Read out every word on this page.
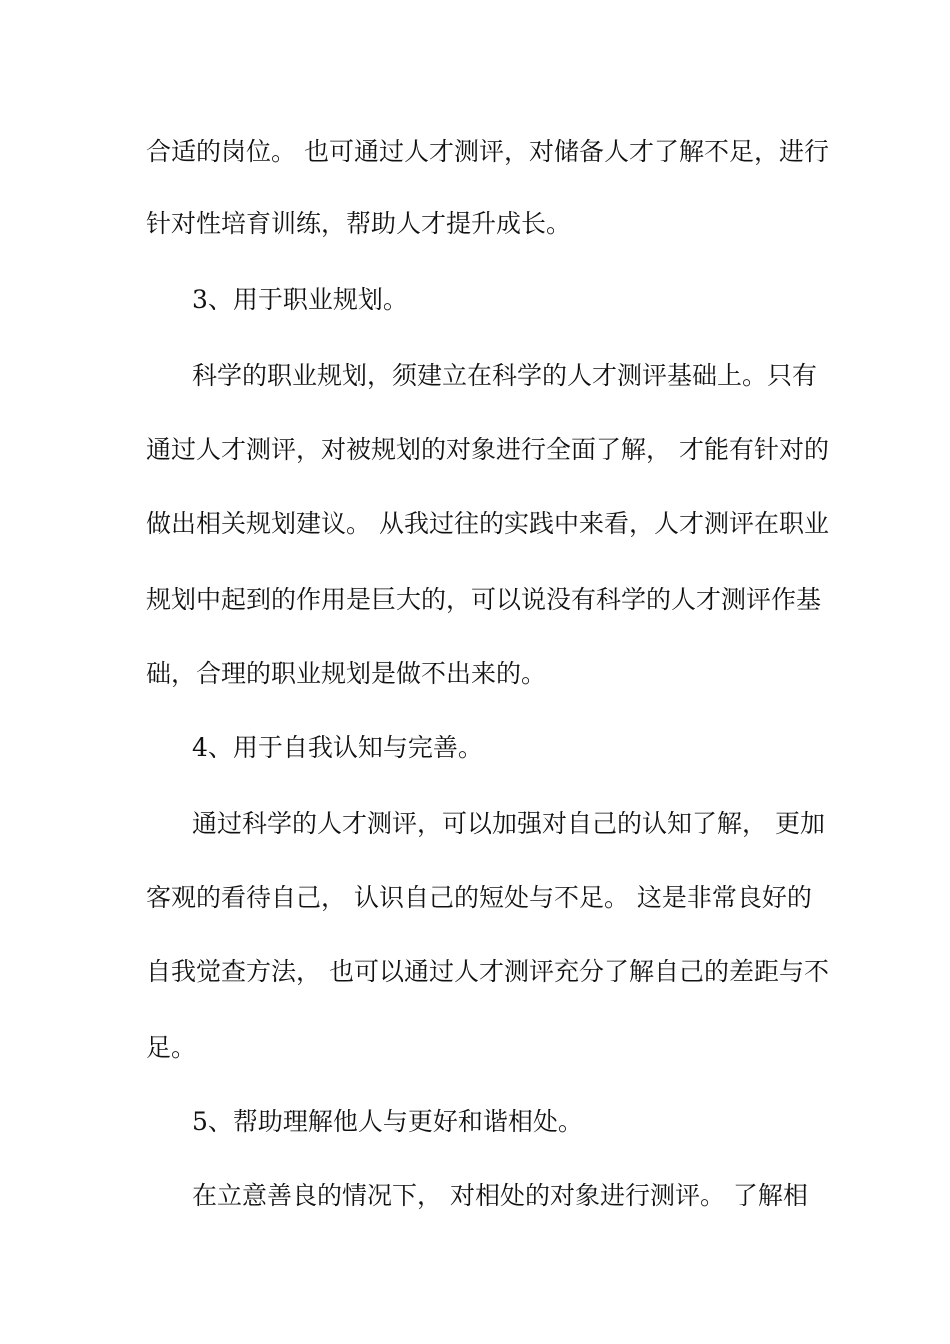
合适的岗位。 也可通过人才测评，对储备人才了解不足，进行
针对性培育训练，帮助人才提升成长。
3、用于职业规划。
科学的职业规划，须建立在科学的人才测评基础上。只有
通过人才测评，对被规划的对象进行全面了解， 才能有针对的
做出相关规划建议。 从我过往的实践中来看，人才测评在职业
规划中起到的作用是巨大的，可以说没有科学的人才测评作基
础，合理的职业规划是做不出来的。
4、用于自我认知与完善。
通过科学的人才测评，可以加强对自己的认知了解， 更加
客观的看待自己， 认识自己的短处与不足。 这是非常良好的
自我觉查方法， 也可以通过人才测评充分了解自己的差距与不
足。
5、帮助理解他人与更好和谐相处。
在立意善良的情况下， 对相处的对象进行测评。 了解相
